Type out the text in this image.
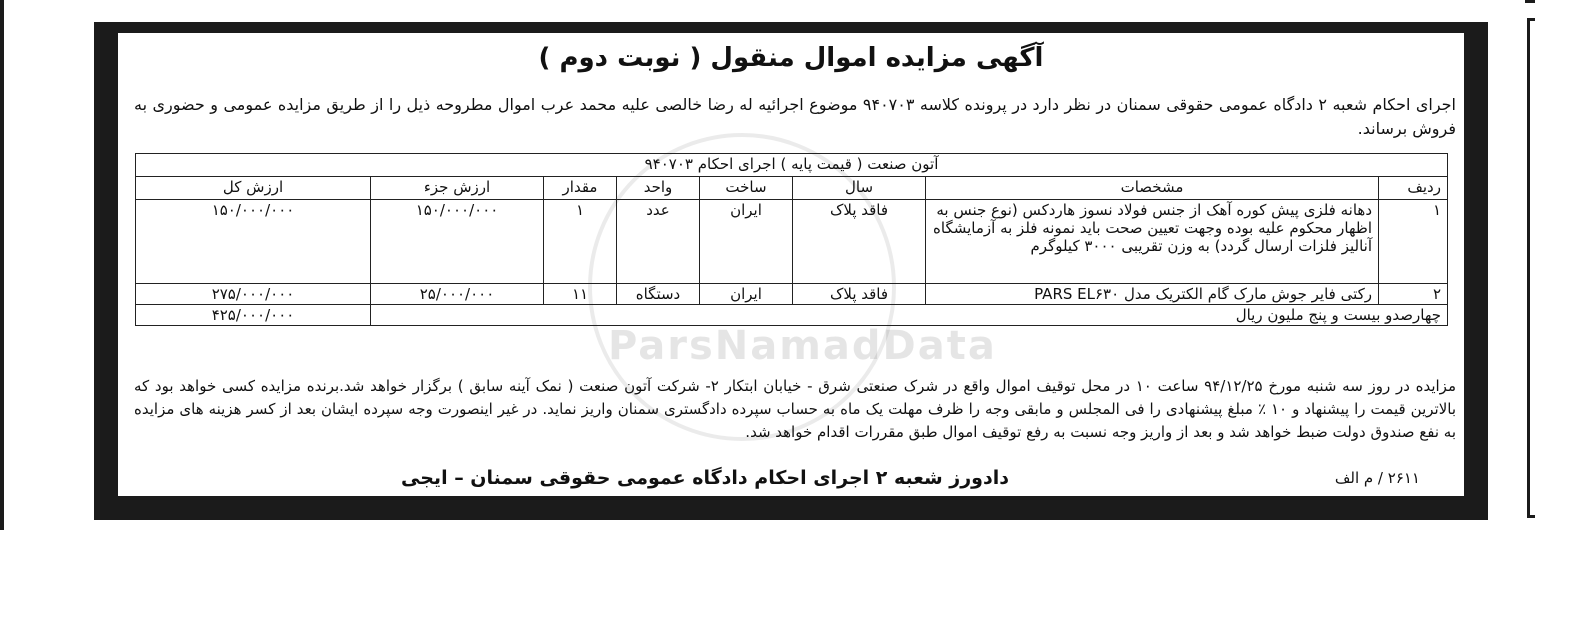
ParsNamadData
آگهی مزایده اموال منقول ( نوبت دوم )
اجرای احکام شعبه ۲ دادگاه عمومی حقوقی سمنان در نظر دارد در پرونده کلاسه ۹۴۰۷۰۳ موضوع اجرائیه له رضا خالصی علیه محمد عرب اموال مطروحه ذیل را از طریق مزایده عمومی و حضوری به فروش برساند.
آتون صنعت ( قیمت پایه ) اجرای احکام ۹۴۰۷۰۳							
ردیف	مشخصات	سال	ساخت	واحد	مقدار	ارزش جزء	ارزش کل
۱	دهانه فلزی پیش کوره آهک از جنس فولاد نسوز هاردکس (نوع جنس به اظهار محکوم علیه بوده وجهت تعیین صحت باید نمونه فلز به آزمایشگاه آنالیز فلزات ارسال گردد) به وزن تقریبی ۳۰۰۰ کیلوگرم	فاقد پلاک	ایران	عدد	۱	۱۵۰/۰۰۰/۰۰۰	۱۵۰/۰۰۰/۰۰۰
۲	رکتی فایر جوش مارک گام الکتریک مدل PARS EL۶۳۰	فاقد پلاک	ایران	دستگاه	۱۱	۲۵/۰۰۰/۰۰۰	۲۷۵/۰۰۰/۰۰۰
چهارصدو بیست و پنج ملیون ریال							۴۲۵/۰۰۰/۰۰۰
مزایده در روز سه شنبه مورخ ۹۴/۱۲/۲۵ ساعت ۱۰ در محل توقیف اموال واقع در شرک صنعتی شرق - خیابان ابتکار ۲- شرکت آتون صنعت ( نمک آینه سابق ) برگزار خواهد شد.برنده مزایده کسی خواهد بود که بالاترین قیمت را پیشنهاد و ۱۰ ٪ مبلغ پیشنهادی را فی المجلس و مابقی وجه را ظرف مهلت یک ماه به حساب سپرده دادگستری سمنان واریز نماید. در غیر اینصورت وجه سپرده ایشان بعد از کسر هزینه های مزایده به نفع صندوق دولت ضبط خواهد شد و بعد از واریز وجه نسبت به رفع توقیف اموال طبق مقررات اقدام خواهد شد.
دادورز شعبه ۲ اجرای احکام دادگاه عمومی حقوقی سمنان – ایجی	۲۶۱۱ / م الف
